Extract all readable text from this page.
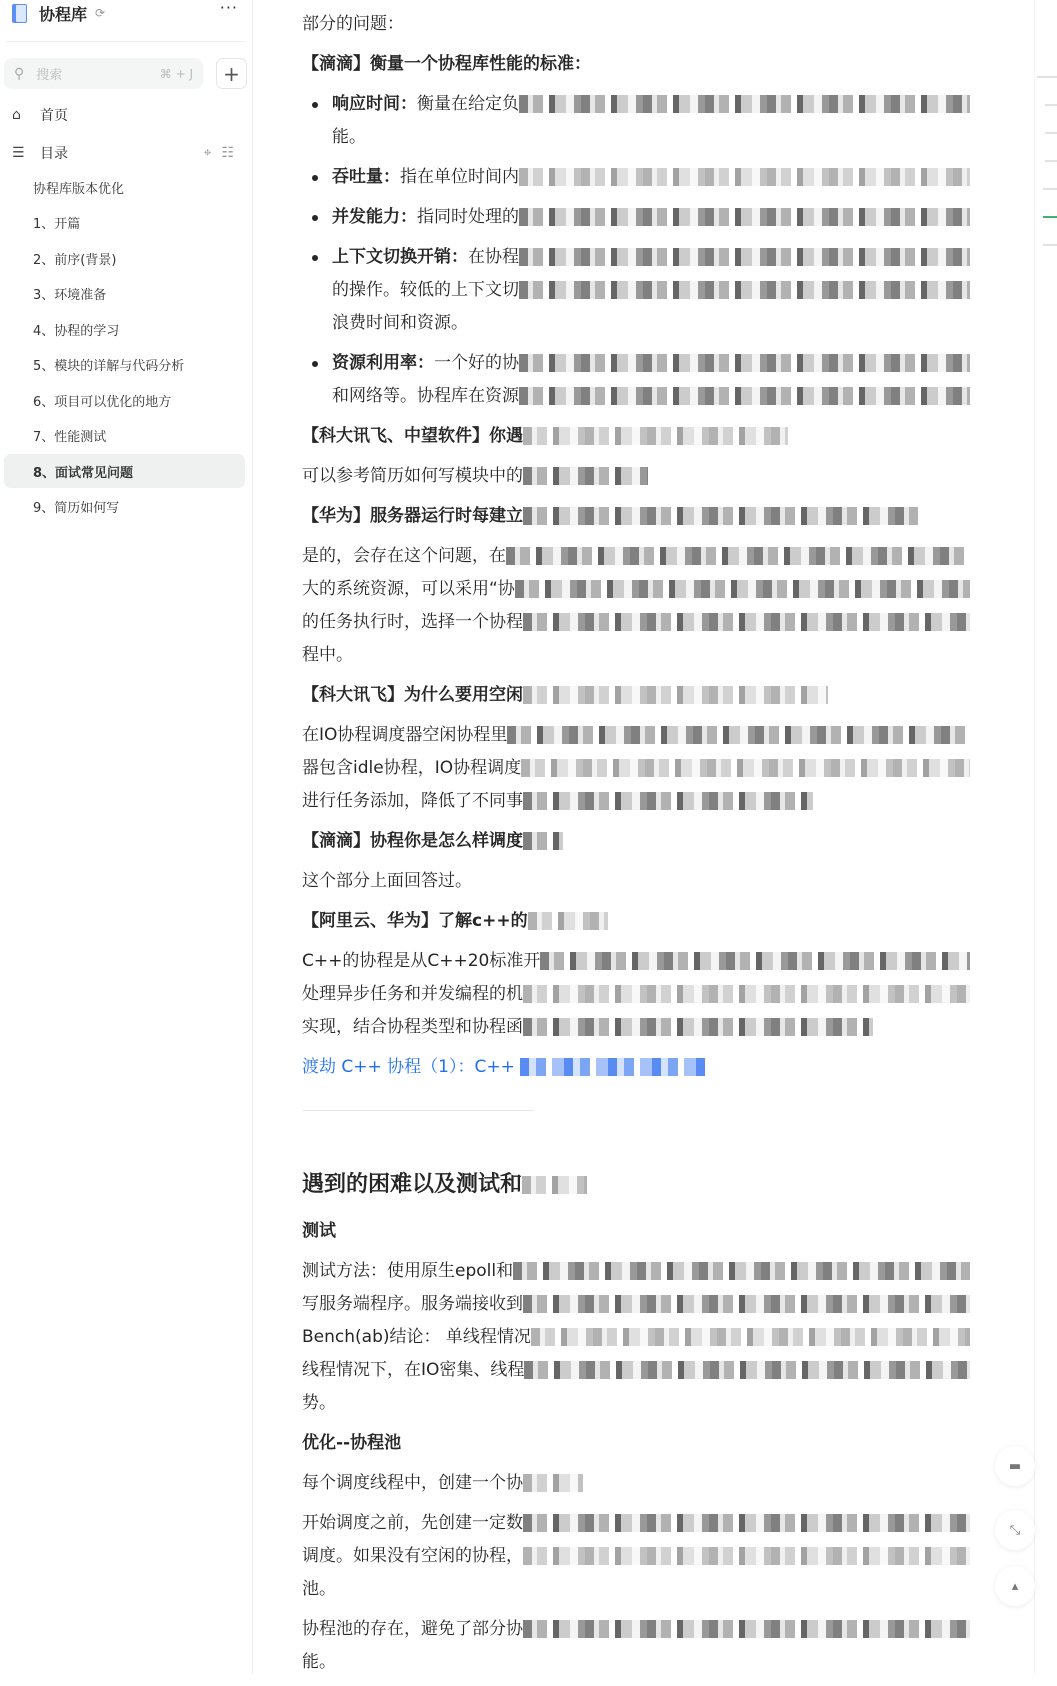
协程库 ⟳	···
⚲ 搜索	⌘ + J	+
⌂	首页
☰	目录	⌖☷
协程库版本优化
1、开篇
2、前序(背景)
3、环境准备
4、协程的学习
5、模块的详解与代码分析
6、项目可以优化的地方
7、性能测试
8、面试常见问题
9、简历如何写
部分的问题：
【滴滴】衡量一个协程库性能的标准：
响应时间：衡量在给定负
能。
吞吐量：指在单位时间内
并发能力：指同时处理的
上下文切换开销：在协程
的操作。较低的上下文切
浪费时间和资源。
资源利用率：一个好的协
和网络等。协程库在资源
【科大讯飞、中望软件】你遇
可以参考简历如何写模块中的
【华为】服务器运行时每建立
是的，会存在这个问题，在
大的系统资源，可以采用“协
的任务执行时，选择一个协程
程中。
【科大讯飞】为什么要用空闲
在IO协程调度器空闲协程里
器包含idle协程，IO协程调度
进行任务添加，降低了不同事
【滴滴】协程你是怎么样调度
这个部分上面回答过。
【阿里云、华为】了解c++的
C++的协程是从C++20标准开
处理异步任务和并发编程的机
实现，结合协程类型和协程函
渡劫 C++ 协程（1）：C++
遇到的困难以及测试和
测试
测试方法：使用原生epoll和
写服务端程序。服务端接收到
Bench(ab)结论： 单线程情况
线程情况下，在IO密集、线程
势。
优化--协程池
每个调度线程中，创建一个协
开始调度之前，先创建一定数
调度。如果没有空闲的协程，
池。
协程池的存在，避免了部分协
能。
▬
⤡
▴
